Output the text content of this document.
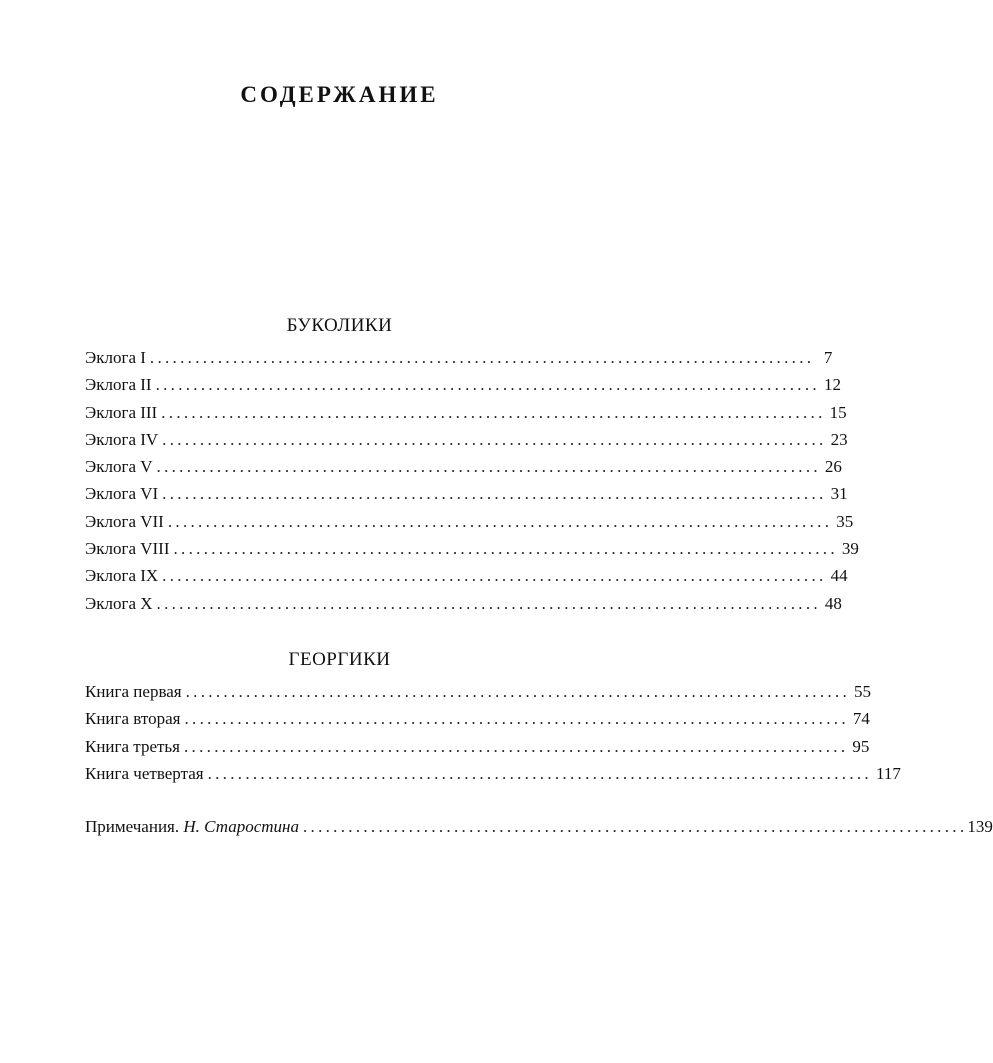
СОДЕРЖАНИЕ
БУКОЛИКИ
Эклога I ........................................................................................ 7
Эклога II ........................................................................................ 12
Эклога III ........................................................................................ 15
Эклога IV ........................................................................................ 23
Эклога V ........................................................................................ 26
Эклога VI ........................................................................................ 31
Эклога VII ........................................................................................ 35
Эклога VIII ........................................................................................ 39
Эклога IX ........................................................................................ 44
Эклога X ........................................................................................ 48
ГЕОРГИКИ
Книга первая ........................................................................................ 55
Книга вторая ........................................................................................ 74
Книга третья ........................................................................................ 95
Книга четвертая ........................................................................................ 117
Примечания. Н. Старостина ........................................................................................ 139
